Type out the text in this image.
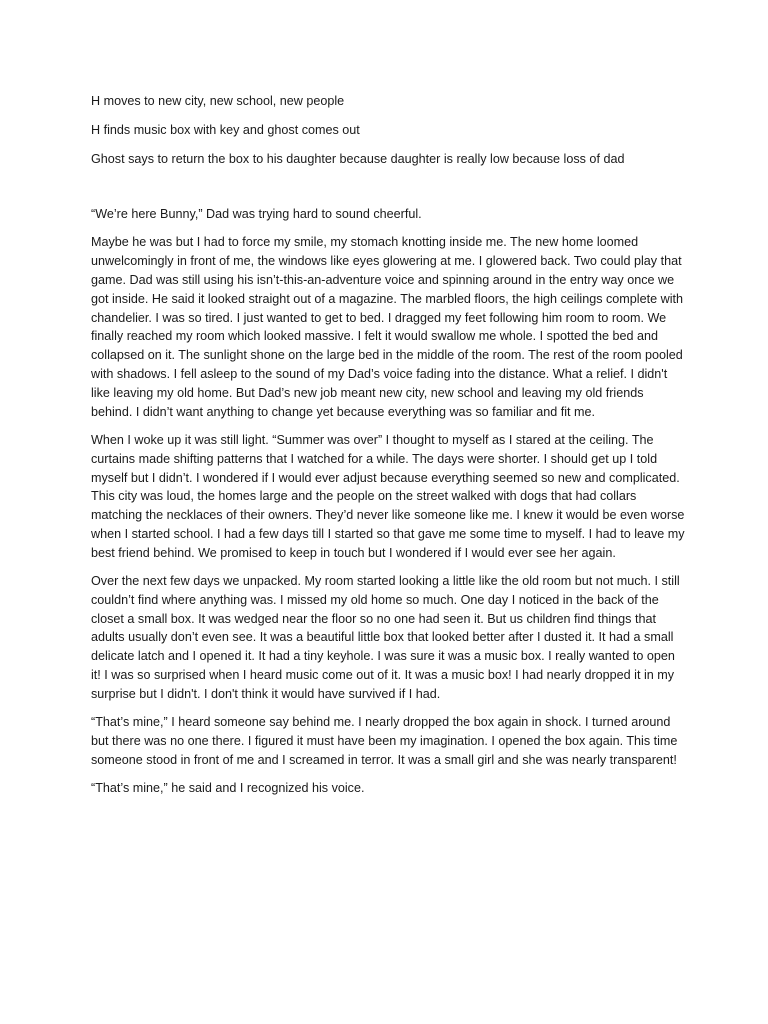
H moves to new city, new school, new people

H finds music box with key and ghost comes out

Ghost says to return the box to his daughter because daughter is really low because loss of dad

“We’re here Bunny,” Dad was trying hard to sound cheerful.

Maybe he was but I had to force my smile, my stomach knotting inside me. The new home loomed unwelcomingly in front of me, the windows like eyes glowering at me. I glowered back. Two could play that game. Dad was still using his isn’t-this-an-adventure voice and spinning around in the entry way once we got inside. He said it looked straight out of a magazine. The marbled floors, the high ceilings complete with chandelier. I was so tired. I just wanted to get to bed. I dragged my feet following him room to room. We finally reached my room which looked massive. I felt it would swallow me whole. I spotted the bed and collapsed on it. The sunlight shone on the large bed in the middle of the room. The rest of the room pooled with shadows. I fell asleep to the sound of my Dad’s voice fading into the distance. What a relief. I didn't like leaving my old home. But Dad’s new job meant new city, new school and leaving my old friends behind. I didn’t want anything to change yet because everything was so familiar and fit me.

When I woke up it was still light. “Summer was over” I thought to myself as I stared at the ceiling. The curtains made shifting patterns that I watched for a while. The days were shorter. I should get up I told myself but I didn’t. I wondered if I would ever adjust because everything seemed so new and complicated. This city was loud, the homes large and the people on the street walked with dogs that had collars matching the necklaces of their owners. They’d never like someone like me. I knew it would be even worse when I started school. I had a few days till I started so that gave me some time to myself. I had to leave my best friend behind. We promised to keep in touch but I wondered if I would ever see her again.

Over the next few days we unpacked. My room started looking a little like the old room but not much. I still couldn’t find where anything was. I missed my old home so much. One day I noticed in the back of the closet a small box. It was wedged near the floor so no one had seen it. But us children find things that adults usually don’t even see. It was a beautiful little box that looked better after I dusted it. It had a small delicate latch and I opened it. It had a tiny keyhole. I was sure it was a music box. I really wanted to open it! I was so surprised when I heard music come out of it. It was a music box! I had nearly dropped it in my surprise but I didn't. I don't think it would have survived if I had.

“That’s mine,” I heard someone say behind me. I nearly dropped the box again in shock. I turned around but there was no one there. I figured it must have been my imagination. I opened the box again. This time someone stood in front of me and I screamed in terror. It was a small girl and she was nearly transparent!

“That’s mine,” he said and I recognized his voice.
